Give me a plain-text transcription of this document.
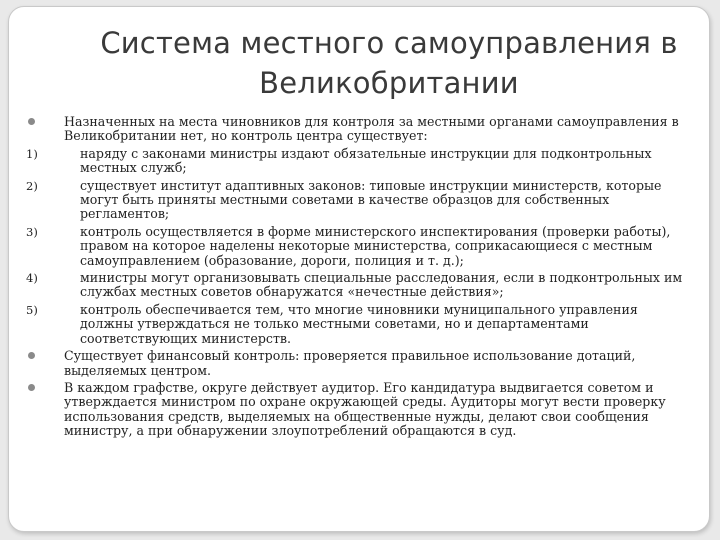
Система местного самоуправления в
Великобритании
Назначенных на места чиновников для контроля за местными органами самоуправления в Великобритании нет, но контроль центра существует:
1)	наряду с законами министры издают обязательные инструкции для подконтрольных местных служб;
2)	существует институт адаптивных законов: типовые инструкции министерств, которые могут быть приняты местными советами в качестве образцов для собственных регламентов;
3)	контроль осуществляется в форме министерского инспектирования (проверки работы), правом на которое наделены некоторые министерства, соприкасающиеся с местным самоуправлением (образование, дороги, полиция и т. д.);
4)	министры могут организовывать специальные расследования, если в подконтрольных им службах местных советов обнаружатся «нечестные действия»;
5)	контроль обеспечивается тем, что многие чиновники муниципального управления должны утверждаться не только местными советами, но и департаментами соответствующих министерств.
Существует финансовый контроль: проверяется правильное использование дотаций, выделяемых центром.
В каждом графстве, округе действует аудитор. Его кандидатура выдвигается советом и утверждается министром по охране окружающей среды. Аудиторы могут вести проверку использования средств, выделяемых на общественные нужды, делают свои сообщения министру, а при обнаружении злоупотреблений обращаются в суд.
